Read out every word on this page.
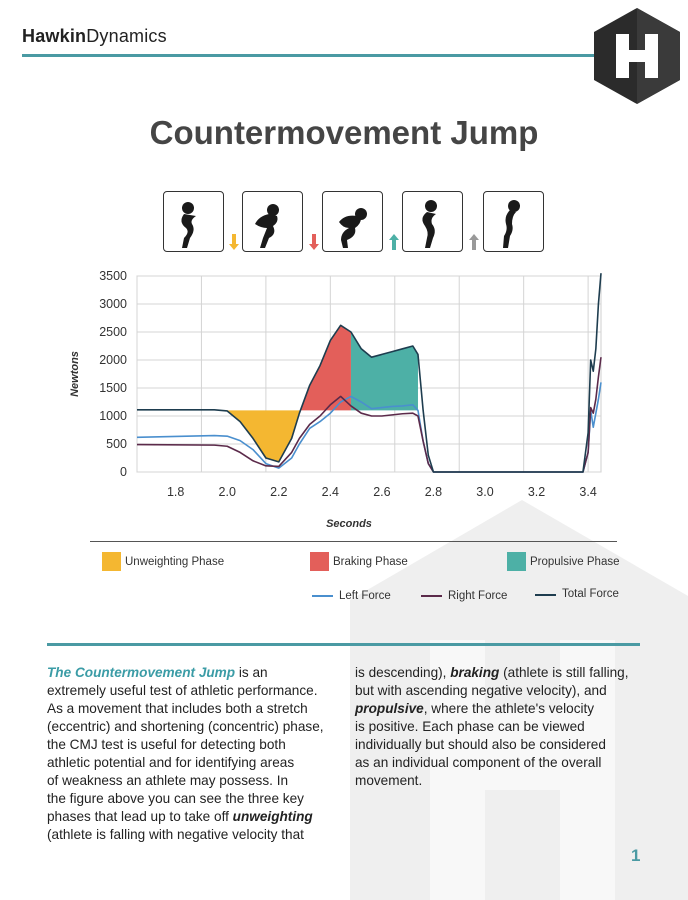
HawkinDynamics
Countermovement Jump
0
500
1000
1500
2000
2500
3000
3500
1.8	2.0	2.2	2.4	2.6	2.8	3.0	3.2	3.4
Newtons
Seconds
Unweighting Phase	Braking Phase	Propulsive Phase
Left Force	Right Force	Total Force

The Countermovement Jump is an

extremely useful test of athletic performance.

As a movement that includes both a stretch

(eccentric) and shortening (concentric) phase,

the CMJ test is useful for detecting both

athletic potential and for identifying areas

of weakness an athlete may possess. In

the figure above you can see the three key

phases that lead up to take off unweighting

(athlete is falling with negative velocity that

is descending), braking (athlete is still falling,

but with ascending negative velocity), and

propulsive, where the athlete's velocity

is positive. Each phase can be viewed

individually but should also be considered

as an individual component of the overall

movement.

1
